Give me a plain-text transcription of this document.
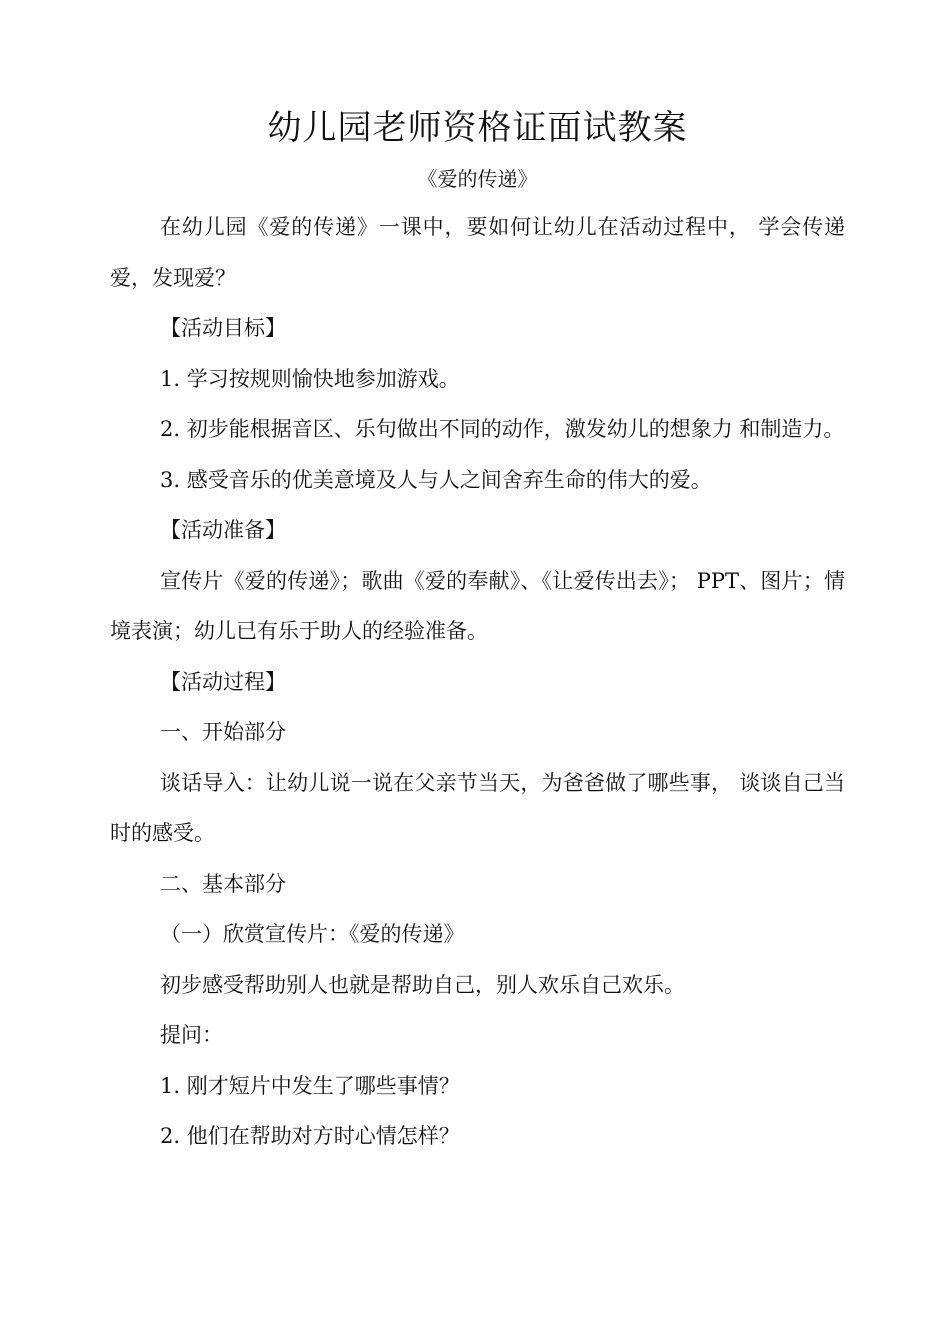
幼儿园老师资格证面试教案

《爱的传递》

在幼儿园《爱的传递》一课中，要如何让幼儿在活动过程中， 学会传递爱，发现爱？

【活动目标】

1. 学习按规则愉快地参加游戏。

2. 初步能根据音区、乐句做出不同的动作，激发幼儿的想象力 和制造力。

3. 感受音乐的优美意境及人与人之间舍弃生命的伟大的爱。

【活动准备】

宣传片《爱的传递》；歌曲《爱的奉献》、《让爱传出去》； PPT、图片；情境表演；幼儿已有乐于助人的经验准备。

【活动过程】

一、开始部分

谈话导入：让幼儿说一说在父亲节当天，为爸爸做了哪些事， 谈谈自己当时的感受。

二、基本部分

（一）欣赏宣传片：《爱的传递》

初步感受帮助别人也就是帮助自己，别人欢乐自己欢乐。

提问：

1. 刚才短片中发生了哪些事情？

2. 他们在帮助对方时心情怎样？
